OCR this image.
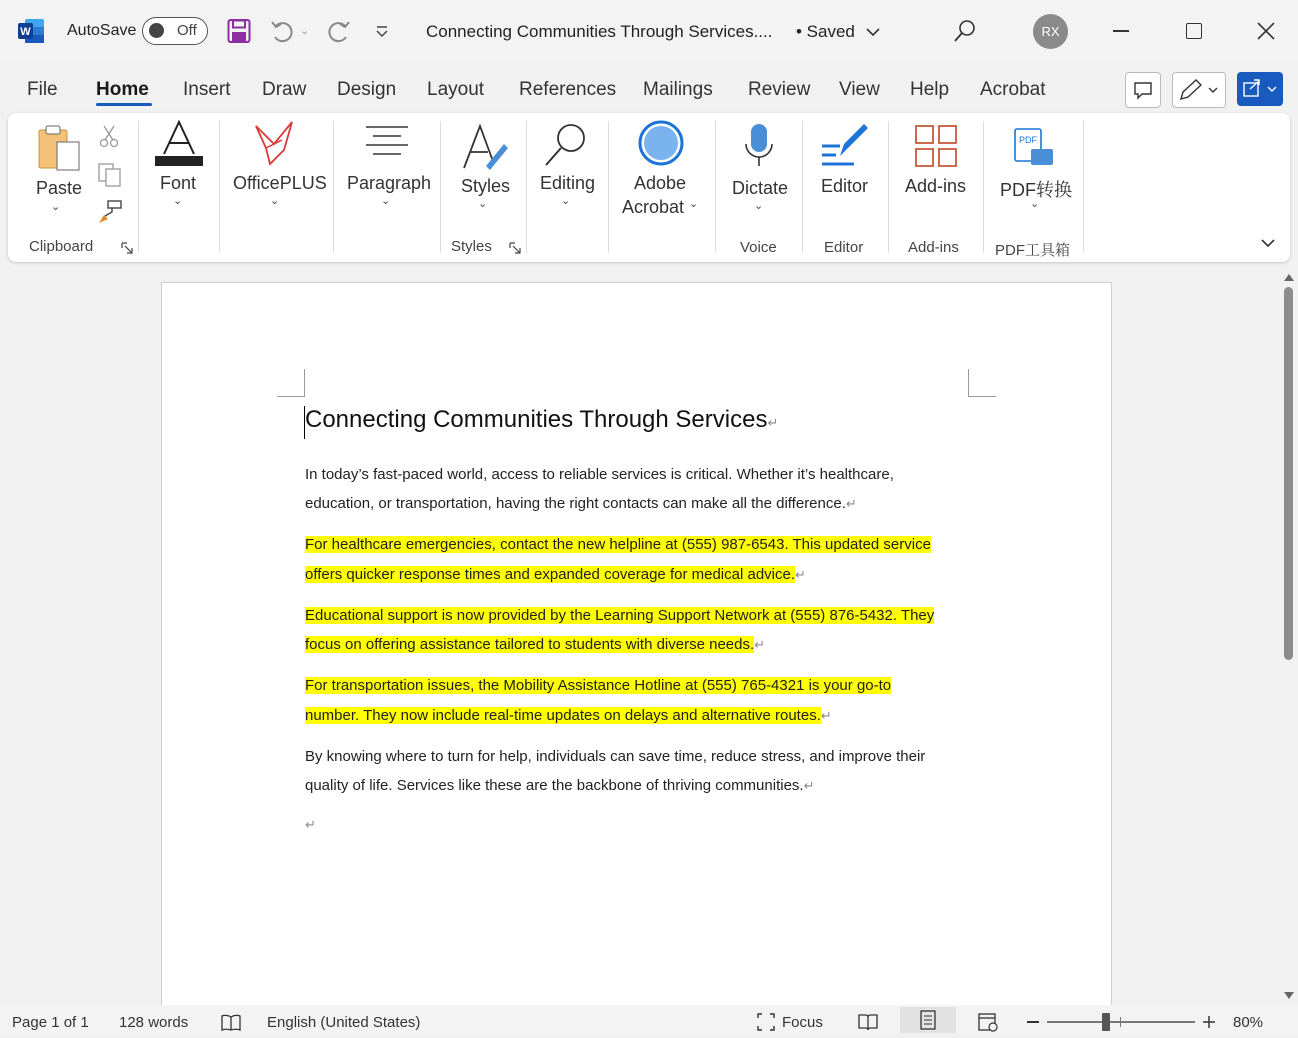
W AutoSave	Off	⌄	Connecting Communities Through Services.... • Saved	RX
File Home Insert Draw Design Layout References Mailings Review View Help Acrobat
Paste
⌄
Clipboard
Font
⌄
OfficePLUS
⌄
Paragraph
⌄
Styles
⌄
Styles
Editing
⌄
Adobe
Acrobat ⌄
Dictate
⌄
Voice
Editor
Editor
Add-ins
Add-ins
PDF
PDF转换
⌄
PDF工具箱
Connecting Communities Through Services↵
In today’s fast-paced world, access to reliable services is critical. Whether it’s healthcare,
education, or transportation, having the right contacts can make all the difference.↵
For healthcare emergencies, contact the new helpline at (555) 987-6543. This updated service
offers quicker response times and expanded coverage for medical advice.↵
Educational support is now provided by the Learning Support Network at (555) 876-5432. They
focus on offering assistance tailored to students with diverse needs.↵
For transportation issues, the Mobility Assistance Hotline at (555) 765-4321 is your go-to
number. They now include real-time updates on delays and alternative routes.↵
By knowing where to turn for help, individuals can save time, reduce stress, and improve their
quality of life. Services like these are the backbone of thriving communities.↵
↵
Page 1 of 1 128 words	English (United States)	Focus	80%
